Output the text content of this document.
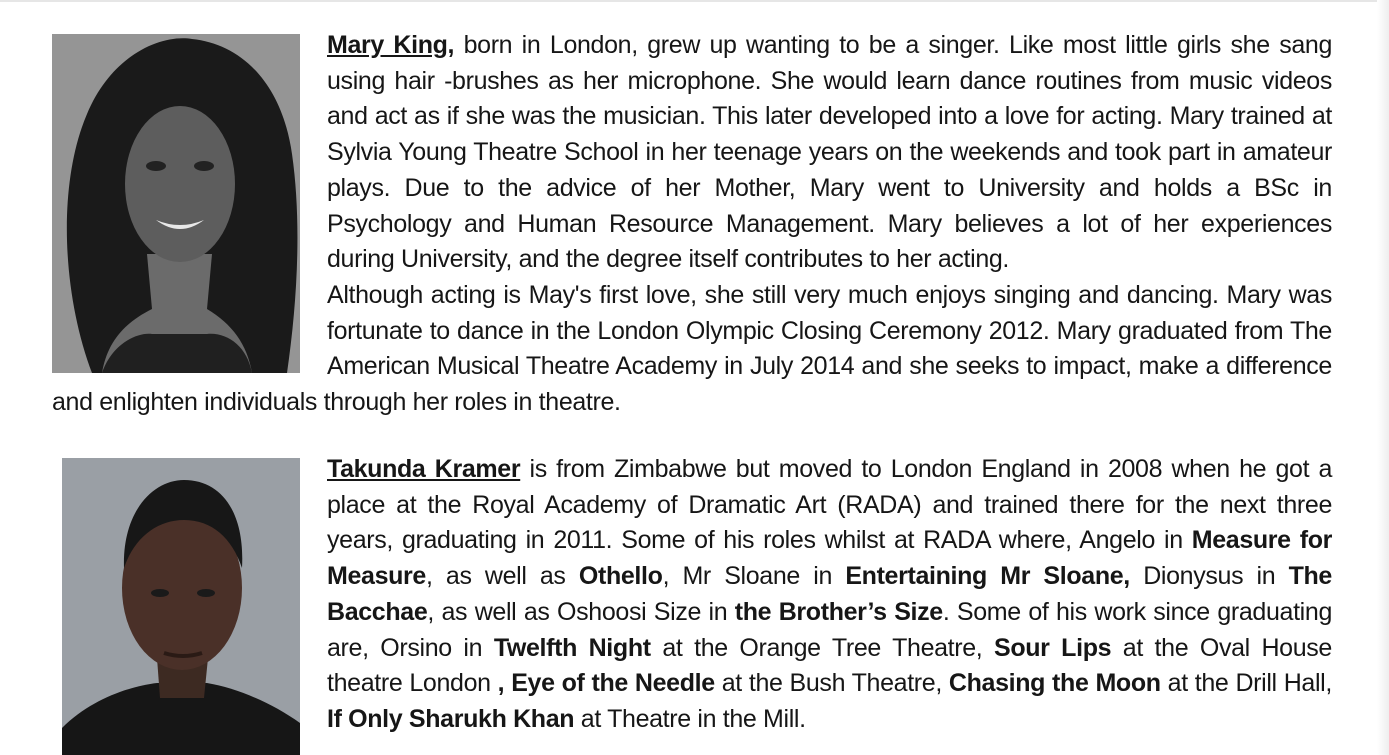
Mary King, born in London, grew up wanting to be a singer. Like most little girls she sang using hair -brushes as her microphone. She would learn dance routines from music videos and act as if she was the musician. This later developed into a love for acting. Mary trained at Sylvia Young Theatre School in her teenage years on the weekends and took part in amateur plays. Due to the advice of her Mother, Mary went to University and holds a BSc in Psychology and Human Resource Management. Mary believes a lot of her experiences during University, and the degree itself contributes to her acting.

Although acting is May's first love, she still very much enjoys singing and dancing. Mary was fortunate to dance in the London Olympic Closing Ceremony 2012. Mary graduated from The American Musical Theatre Academy in July 2014 and she seeks to impact, make a difference and enlighten individuals through her roles in theatre.

Takunda Kramer is from Zimbabwe but moved to London England in 2008 when he got a place at the Royal Academy of Dramatic Art (RADA) and trained there for the next three years, graduating in 2011. Some of his roles whilst at RADA where, Angelo in Measure for Measure, as well as Othello, Mr Sloane in Entertaining Mr Sloane, Dionysus in The Bacchae, as well as Oshoosi Size in the Brother’s Size. Some of his work since graduating are, Orsino in Twelfth Night at the Orange Tree Theatre, Sour Lips at the Oval House theatre London , Eye of the Needle at the Bush Theatre, Chasing the Moon at the Drill Hall, If Only Sharukh Khan at Theatre in the Mill.
